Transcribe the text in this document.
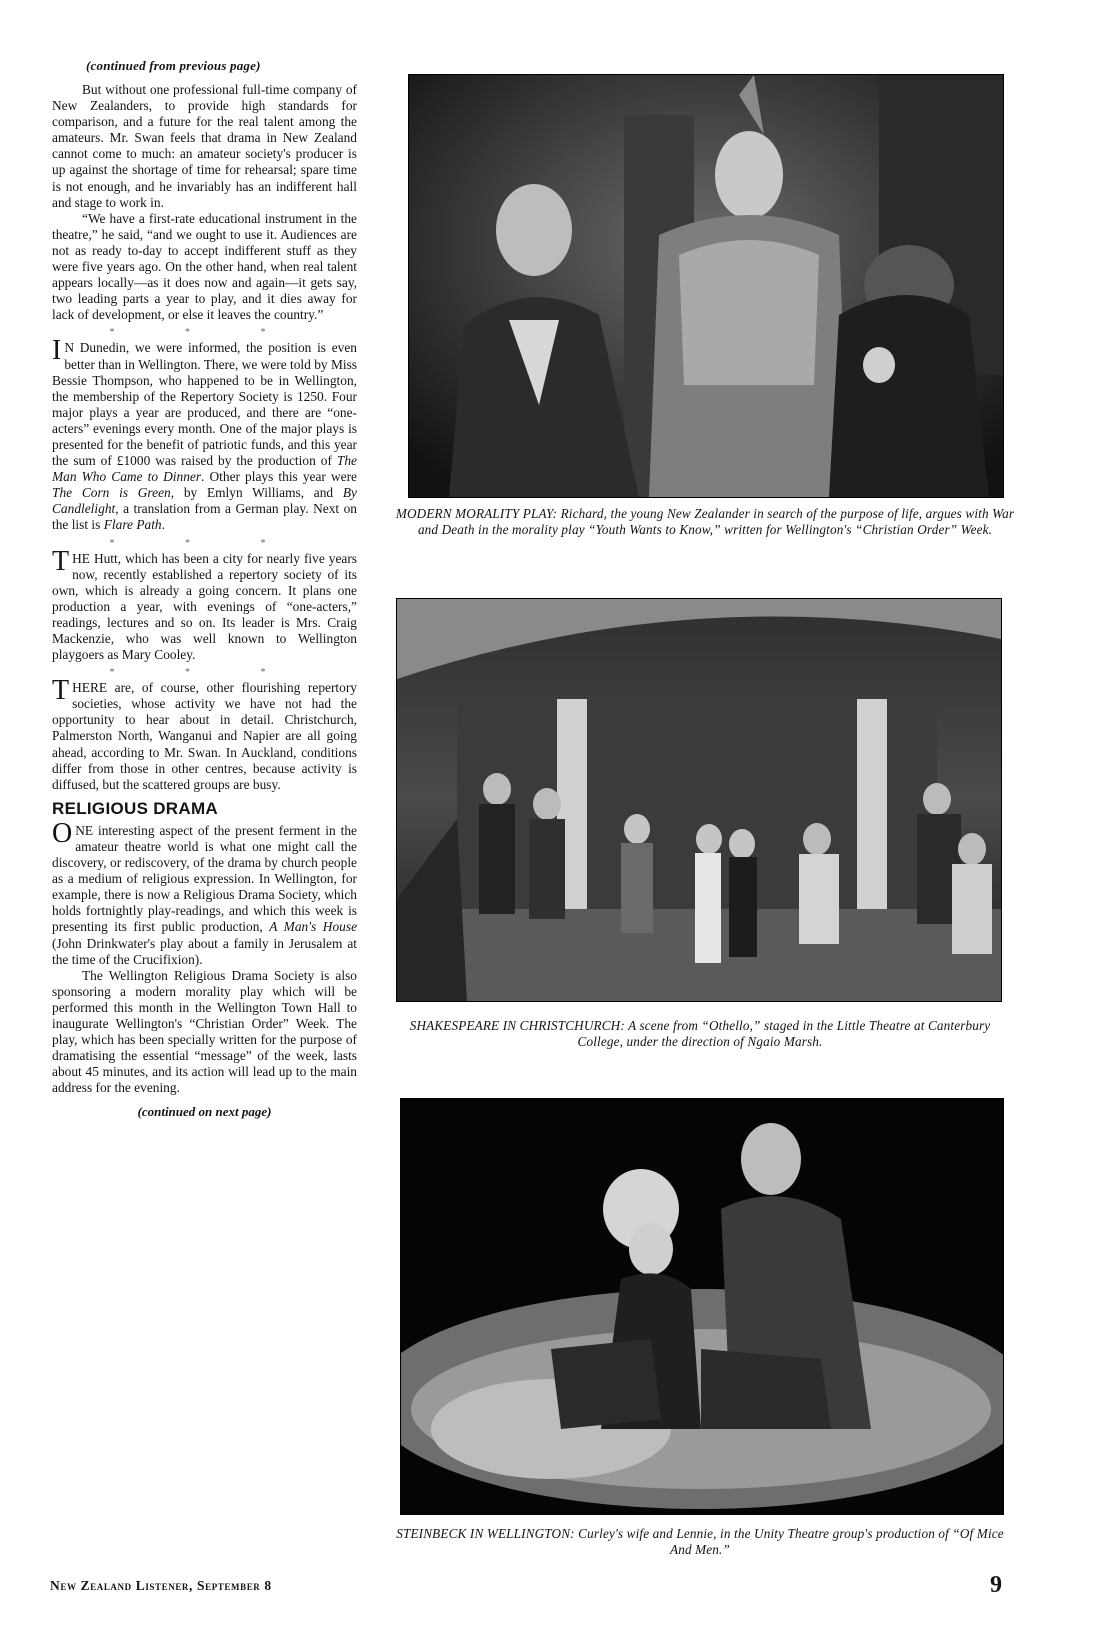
(continued from previous page)

But without one professional full-time company of New Zealanders, to provide high standards for comparison, and a future for the real talent among the amateurs. Mr. Swan feels that drama in New Zealand cannot come to much: an amateur society's producer is up against the shortage of time for rehearsal; spare time is not enough, and he invariably has an indifferent hall and stage to work in.

“We have a first-rate educational instrument in the theatre,” he said, “and we ought to use it. Audiences are not as ready to-day to accept indifferent stuff as they were five years ago. On the other hand, when real talent appears locally—as it does now and again—it gets say, two leading parts a year to play, and it dies away for lack of development, or else it leaves the country.”

* * *

IN Dunedin, we were informed, the position is even better than in Wellington. There, we were told by Miss Bessie Thompson, who happened to be in Wellington, the membership of the Repertory Society is 1250. Four major plays a year are produced, and there are “one-acters” evenings every month. One of the major plays is presented for the benefit of patriotic funds, and this year the sum of £1000 was raised by the production of The Man Who Came to Dinner. Other plays this year were The Corn is Green, by Emlyn Williams, and By Candlelight, a translation from a German play. Next on the list is Flare Path.

* * *

THE Hutt, which has been a city for nearly five years now, recently established a repertory society of its own, which is already a going concern. It plans one production a year, with evenings of “one-acters,” readings, lectures and so on. Its leader is Mrs. Craig Mackenzie, who was well known to Wellington playgoers as Mary Cooley.

* * *

THERE are, of course, other flourishing repertory societies, whose activity we have not had the opportunity to hear about in detail. Christchurch, Palmerston North, Wanganui and Napier are all going ahead, according to Mr. Swan. In Auckland, conditions differ from those in other centres, because activity is diffused, but the scattered groups are busy.

RELIGIOUS DRAMA

ONE interesting aspect of the present ferment in the amateur theatre world is what one might call the discovery, or rediscovery, of the drama by church people as a medium of religious expression. In Wellington, for example, there is now a Religious Drama Society, which holds fortnightly play-readings, and which this week is presenting its first public production, A Man's House (John Drinkwater's play about a family in Jerusalem at the time of the Crucifixion).

The Wellington Religious Drama Society is also sponsoring a modern morality play which will be performed this month in the Wellington Town Hall to inaugurate Wellington's “Christian Order” Week. The play, which has been specially written for the purpose of dramatising the essential “message” of the week, lasts about 45 minutes, and its action will lead up to the main address for the evening.

(continued on next page)
MODERN MORALITY PLAY: Richard, the young New Zealander in search of the purpose of life, argues with War and Death in the morality play “Youth Wants to Know,” written for Wellington's “Christian Order” Week.
SHAKESPEARE IN CHRISTCHURCH: A scene from “Othello,” staged in the Little Theatre at Canterbury College, under the direction of Ngaio Marsh.
STEINBECK IN WELLINGTON: Curley's wife and Lennie, in the Unity Theatre group's production of “Of Mice And Men.”
New Zealand Listener, September 8	9
